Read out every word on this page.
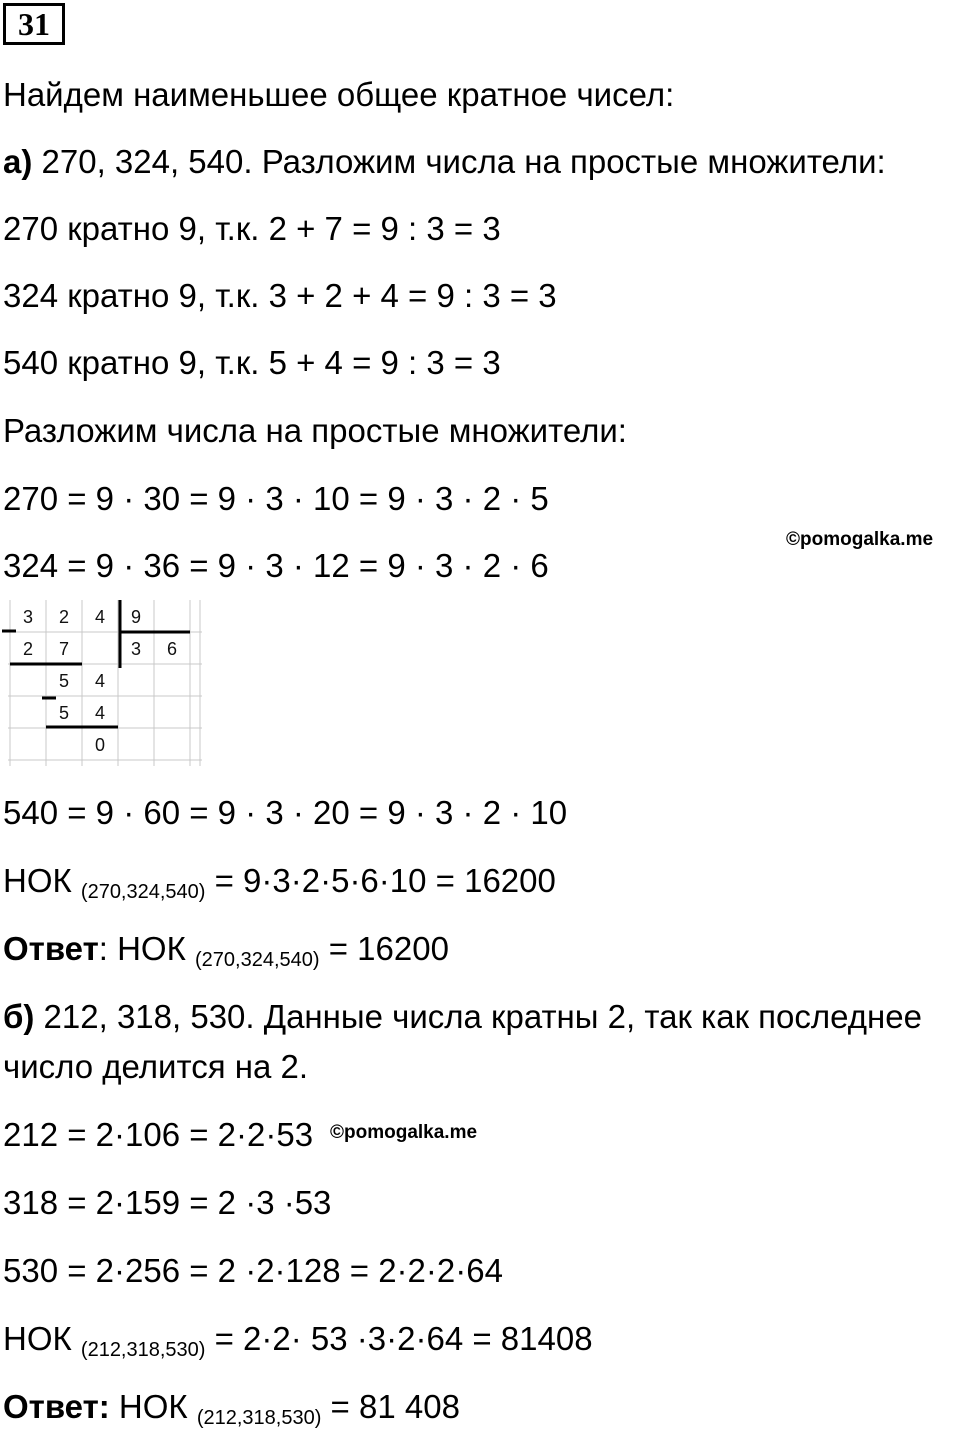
31
Найдем наименьшее общее кратное чисел:
а) 270, 324, 540. Разложим числа на простые множители:
270 кратно 9, т.к. 2 + 7 = 9 : 3 = 3
324 кратно 9, т.к. 3 + 2 + 4 = 9 : 3 = 3
540 кратно 9, т.к. 5 + 4 = 9 : 3 = 3
Разложим числа на простые множители:
270 = 9 · 30 = 9 · 3 · 10 = 9 · 3 · 2 · 5
324 = 9 · 36 = 9 · 3 · 12 = 9 · 3 · 2 · 6
©pomogalka.me
3 2 4 9
2 7	3 6
5 4
5 4
0
540 = 9 · 60 = 9 · 3 · 20 = 9 · 3 · 2 · 10
НОК $_{(270,324,540)}$ = 9·3·2·5·6·10 = 16200
Ответ: НОК $_{(270,324,540)}$ = 16200
б) 212, 318, 530. Данные числа кратны 2, так как последнее
число делится на 2.
212 = 2·106 = 2·2·53 ©pomogalka.me
318 = 2·159 = 2 ·3 ·53
530 = 2·256 = 2 ·2·128 = 2·2·2·64
НОК $_{(212,318,530)}$ = 2·2· 53 ·3·2·64 = 81408
Ответ: НОК $_{(212,318,530)}$ = 81 408
